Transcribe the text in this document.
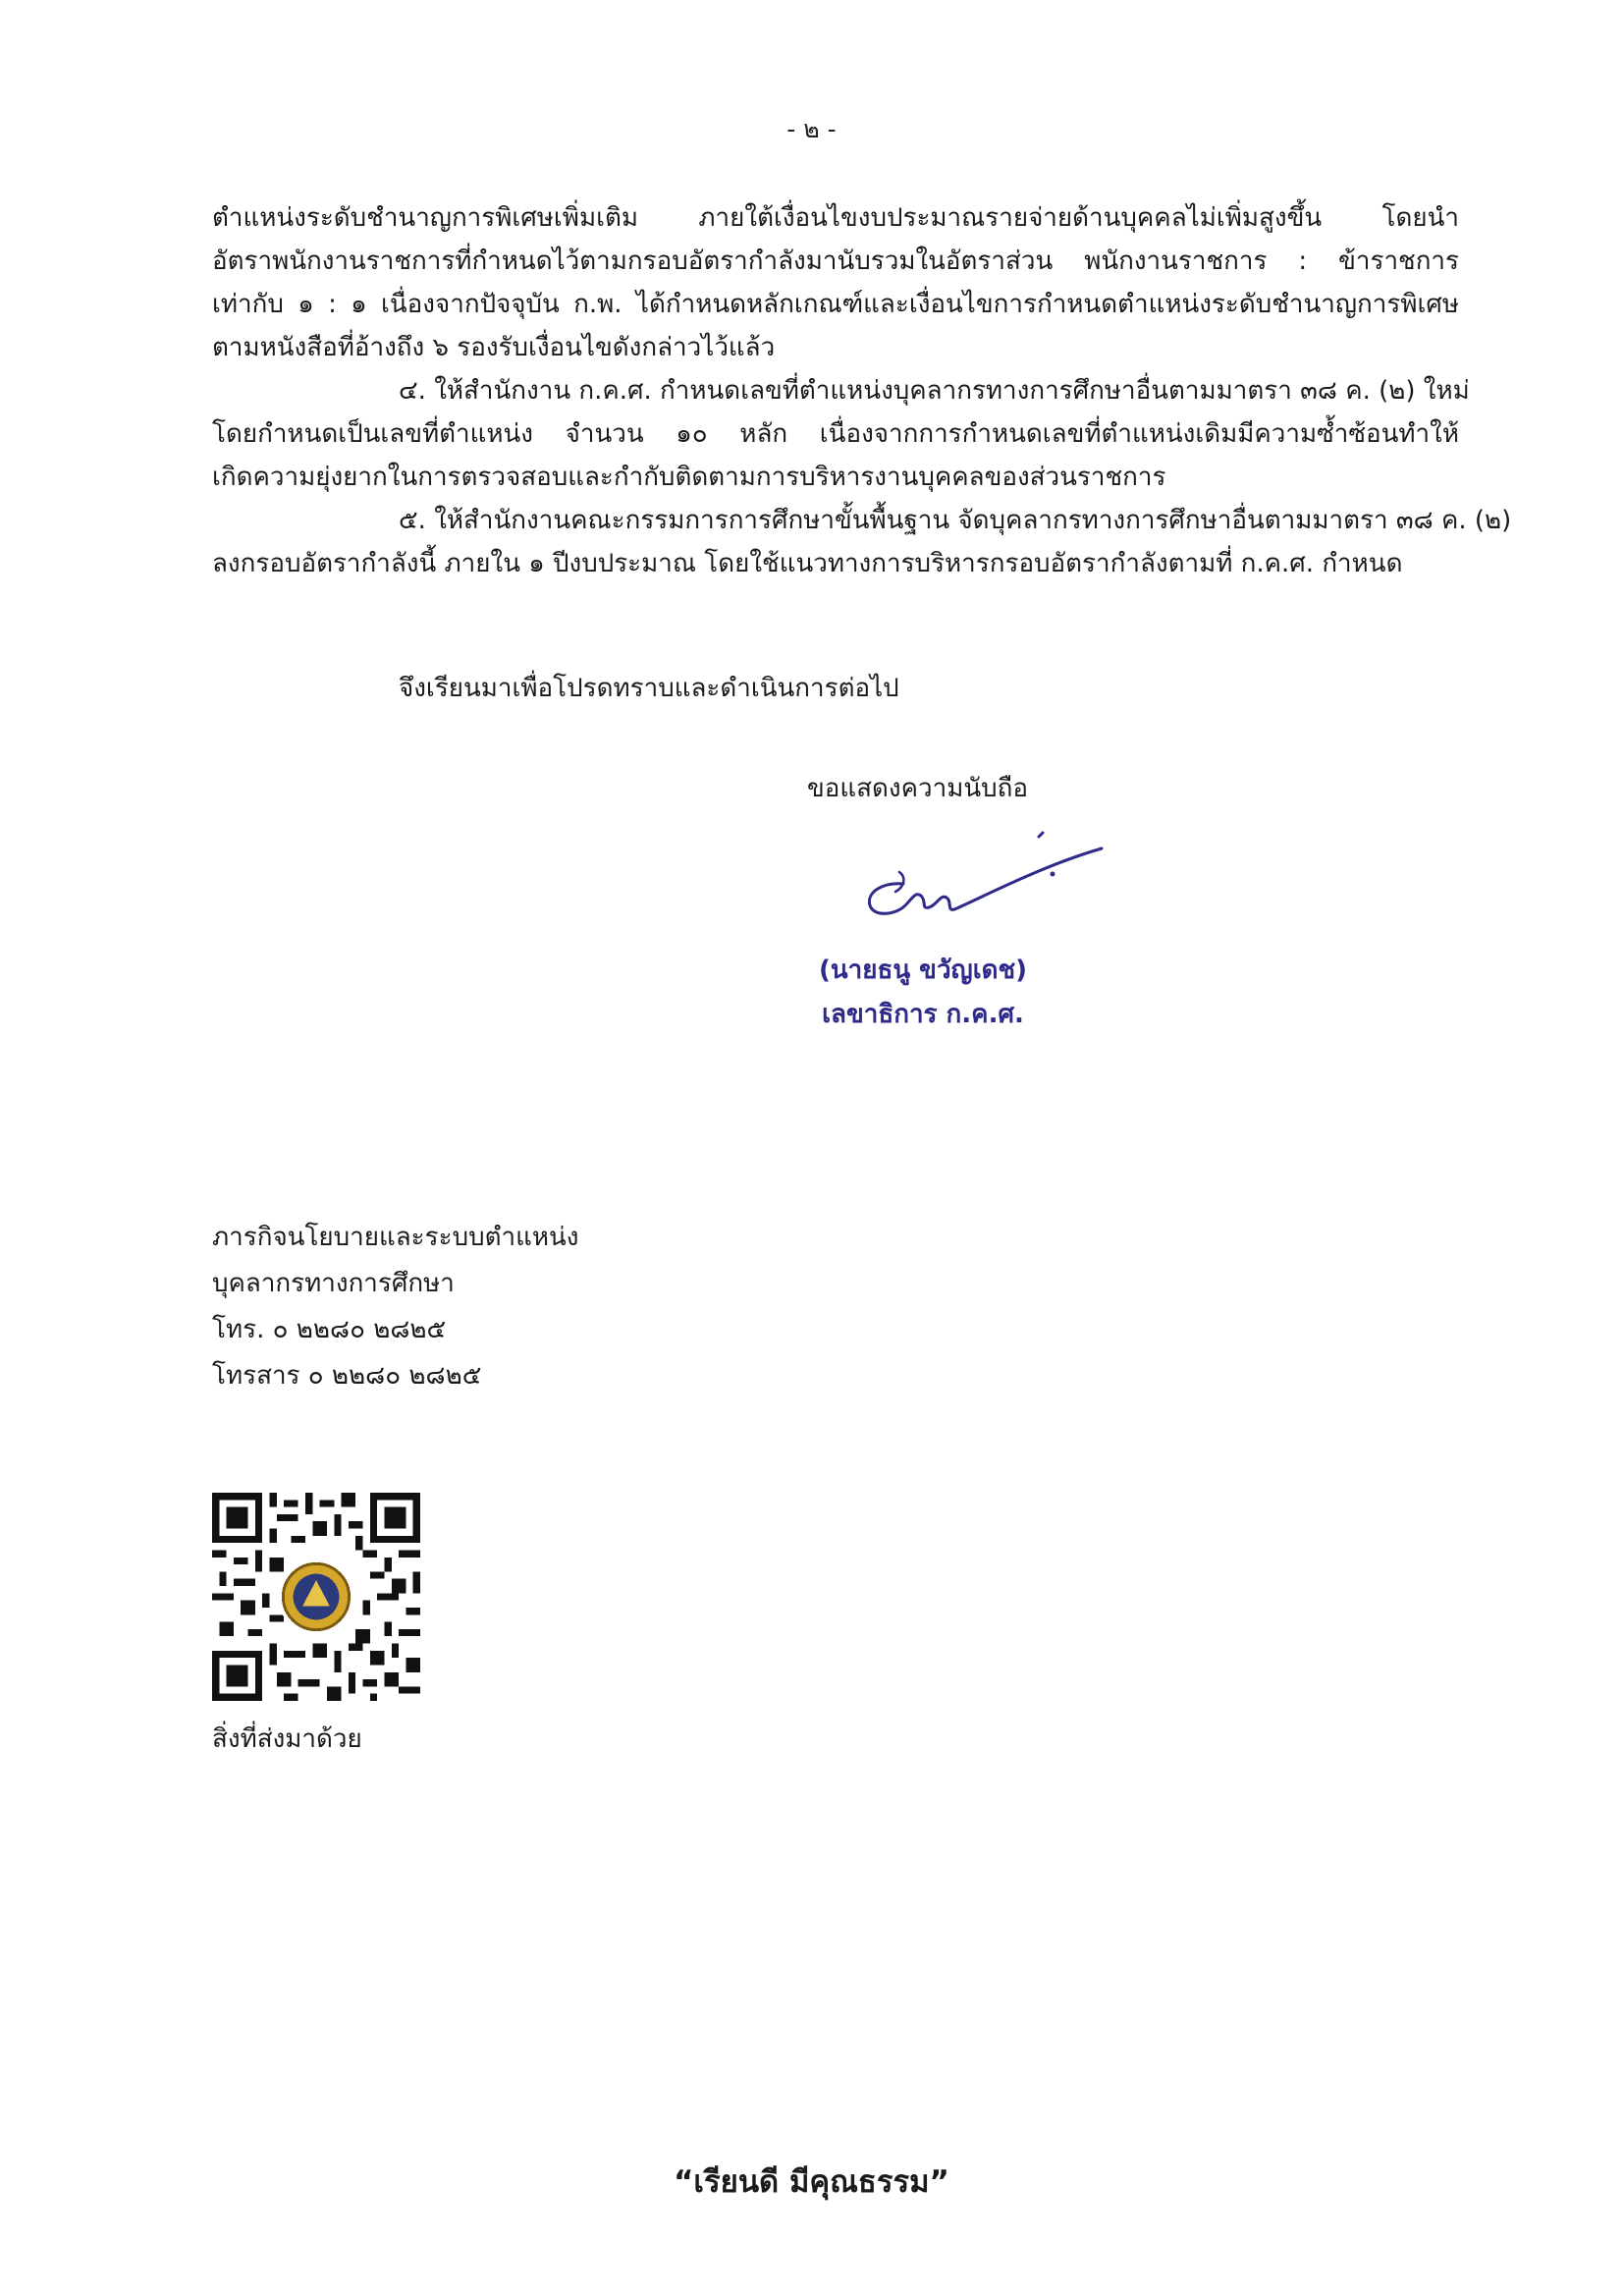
- ๒ -
ตำแหน่งระดับชำนาญการพิเศษเพิ่มเติม ภายใต้เงื่อนไขงบประมาณรายจ่ายด้านบุคคลไม่เพิ่มสูงขึ้น โดยนำ
อัตราพนักงานราชการที่กำหนดไว้ตามกรอบอัตรากำลังมานับรวมในอัตราส่วน พนักงานราชการ : ข้าราชการ
เท่ากับ ๑ : ๑ เนื่องจากปัจจุบัน ก.พ. ได้กำหนดหลักเกณฑ์และเงื่อนไขการกำหนดตำแหน่งระดับชำนาญการพิเศษ
ตามหนังสือที่อ้างถึง ๖ รองรับเงื่อนไขดังกล่าวไว้แล้ว
๔. ให้สำนักงาน ก.ค.ศ. กำหนดเลขที่ตำแหน่งบุคลากรทางการศึกษาอื่นตามมาตรา ๓๘ ค. (๒) ใหม่
โดยกำหนดเป็นเลขที่ตำแหน่ง จำนวน ๑๐ หลัก เนื่องจากการกำหนดเลขที่ตำแหน่งเดิมมีความซ้ำซ้อนทำให้
เกิดความยุ่งยากในการตรวจสอบและกำกับติดตามการบริหารงานบุคคลของส่วนราชการ
๕. ให้สำนักงานคณะกรรมการการศึกษาขั้นพื้นฐาน จัดบุคลากรทางการศึกษาอื่นตามมาตรา ๓๘ ค. (๒)
ลงกรอบอัตรากำลังนี้ ภายใน ๑ ปีงบประมาณ โดยใช้แนวทางการบริหารกรอบอัตรากำลังตามที่ ก.ค.ศ. กำหนด
จึงเรียนมาเพื่อโปรดทราบและดำเนินการต่อไป
ขอแสดงความนับถือ
(นายธนู ขวัญเดช)
เลขาธิการ ก.ค.ศ.
ภารกิจนโยบายและระบบตำแหน่ง
บุคลากรทางการศึกษา
โทร. ๐ ๒๒๘๐ ๒๘๒๕
โทรสาร ๐ ๒๒๘๐ ๒๘๒๕
สิ่งที่ส่งมาด้วย
“เรียนดี มีคุณธรรม”
